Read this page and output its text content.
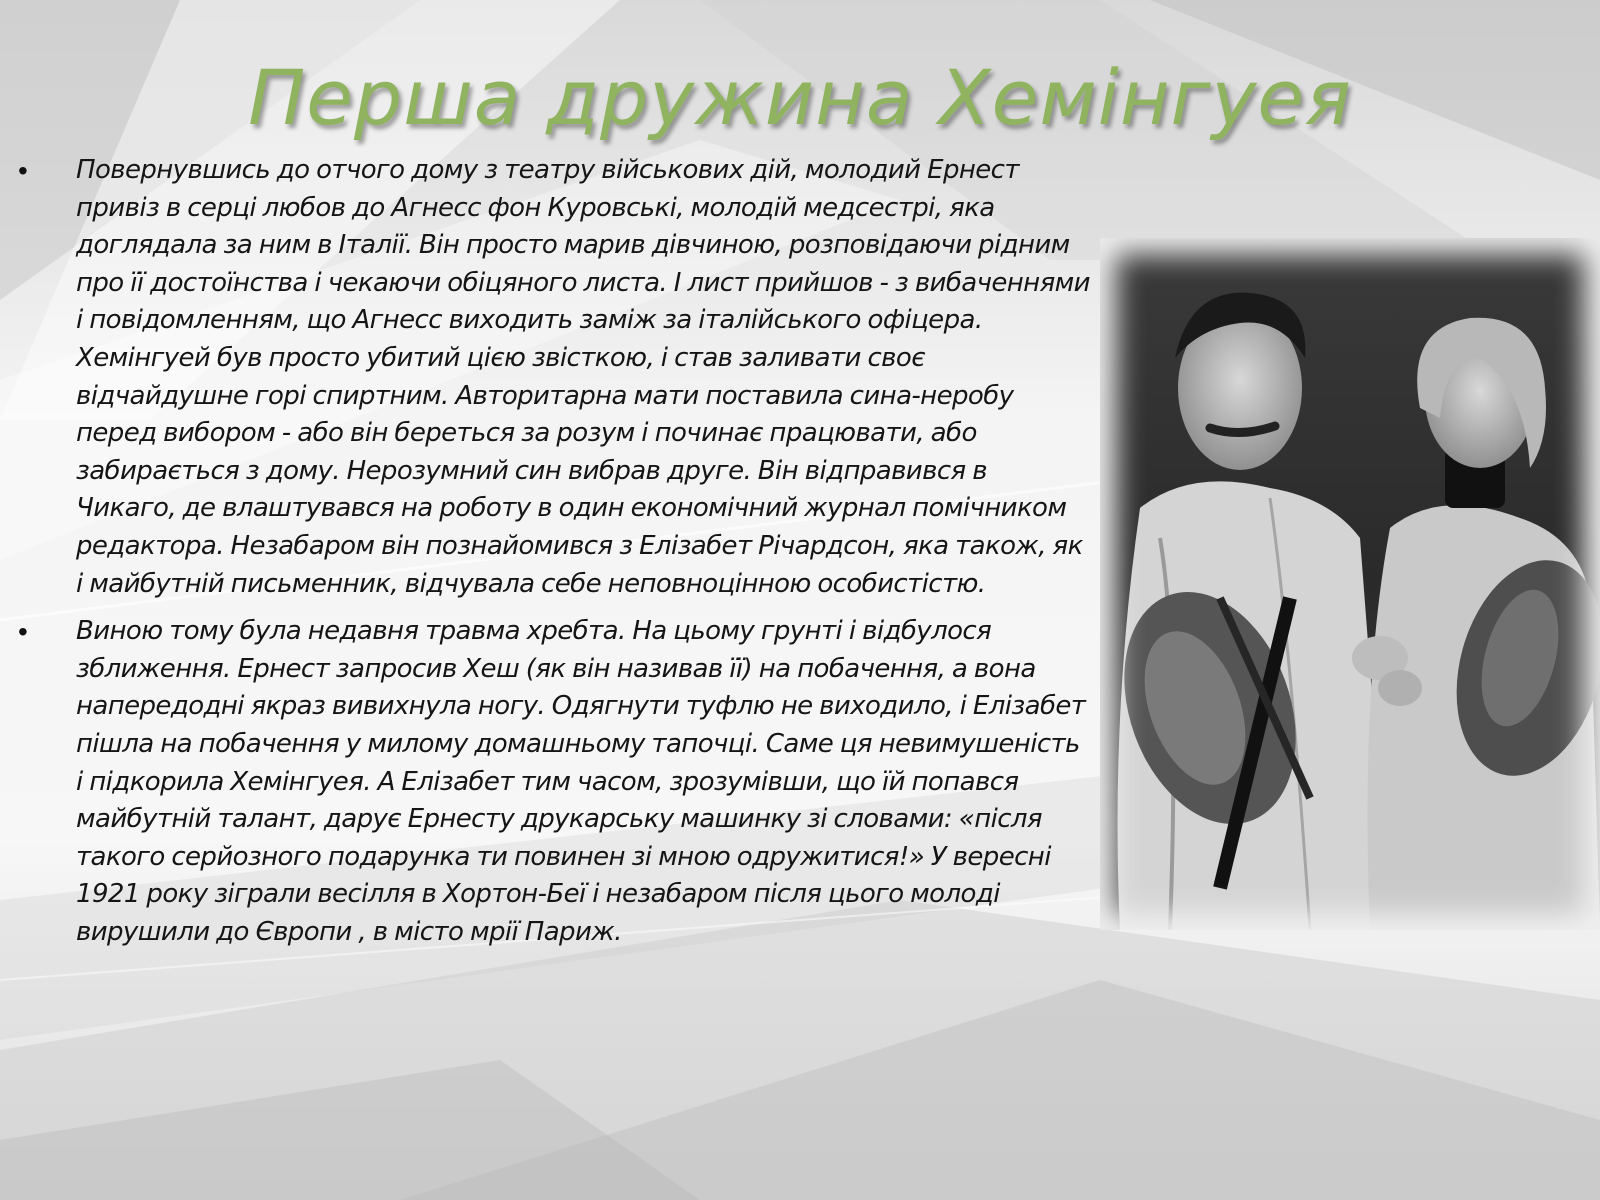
Перша дружина Хемінгуея
• Повернувшись до отчого дому з театру військових дій, молодий Ернест привіз в серці любов до Агнесс фон Куровські, молодій медсестрі, яка доглядала за ним в Італії. Він просто марив дівчиною, розповідаючи рідним про її достоїнства і чекаючи обіцяного листа. І лист прийшов - з вибаченнями і повідомленням, що Агнесс виходить заміж за італійського офіцера. Хемінгуей був просто убитий цією звісткою, і став заливати своє відчайдушне горі спиртним. Авторитарна мати поставила сина-неробу перед вибором - або він береться за розум і починає працювати, або забирається з дому. Нерозумний син вибрав друге. Він відправився в Чикаго, де влаштувався на роботу в один економічний журнал помічником редактора. Незабаром він познайомився з Елізабет Річардсон, яка також, як і майбутній письменник, відчувала себе неповноцінною особистістю.
• Виною тому була недавня травма хребта. На цьому грунті і відбулося зближення. Ернест запросив Хеш (як він називав її) на побачення, а вона напередодні якраз вивихнула ногу. Одягнути туфлю не виходило, і Елізабет пішла на побачення у милому домашньому тапочці. Саме ця невимушеність і підкорила Хемінгуея. А Елізабет тим часом, зрозумівши, що їй попався майбутній талант, дарує Ернесту друкарську машинку зі словами: «після такого серйозного подарунка ти повинен зі мною одружитися!» У вересні 1921 року зіграли весілля в Хортон-Беї і незабаром після цього молоді вирушили до Європи , в місто мрії Париж.
